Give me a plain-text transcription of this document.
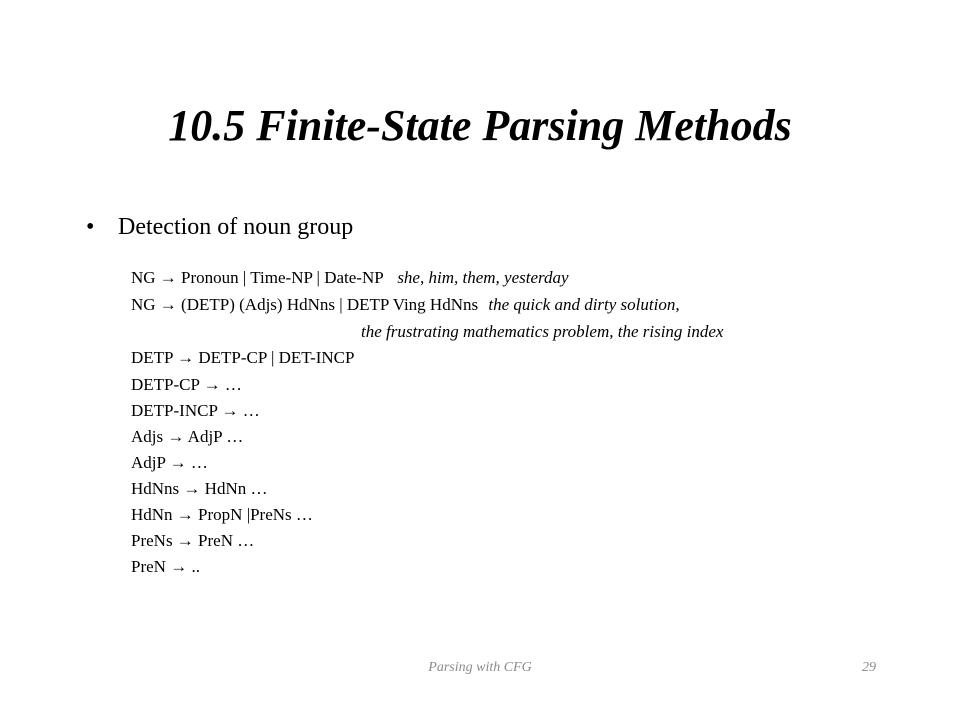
10.5 Finite-State Parsing Methods
• Detection of noun group
NG → Pronoun | Time-NP | Date-NP she, him, them, yesterday
NG → (DETP) (Adjs) HdNns | DETP Ving HdNns the quick and dirty solution,
the frustrating mathematics problem, the rising index
DETP → DETP-CP | DET-INCP
DETP-CP → …
DETP-INCP → …
Adjs → AdjP …
AdjP → …
HdNns → HdNn …
HdNn → PropN |PreNs …
PreNs → PreN …
PreN → ..
Parsing with CFG	29
